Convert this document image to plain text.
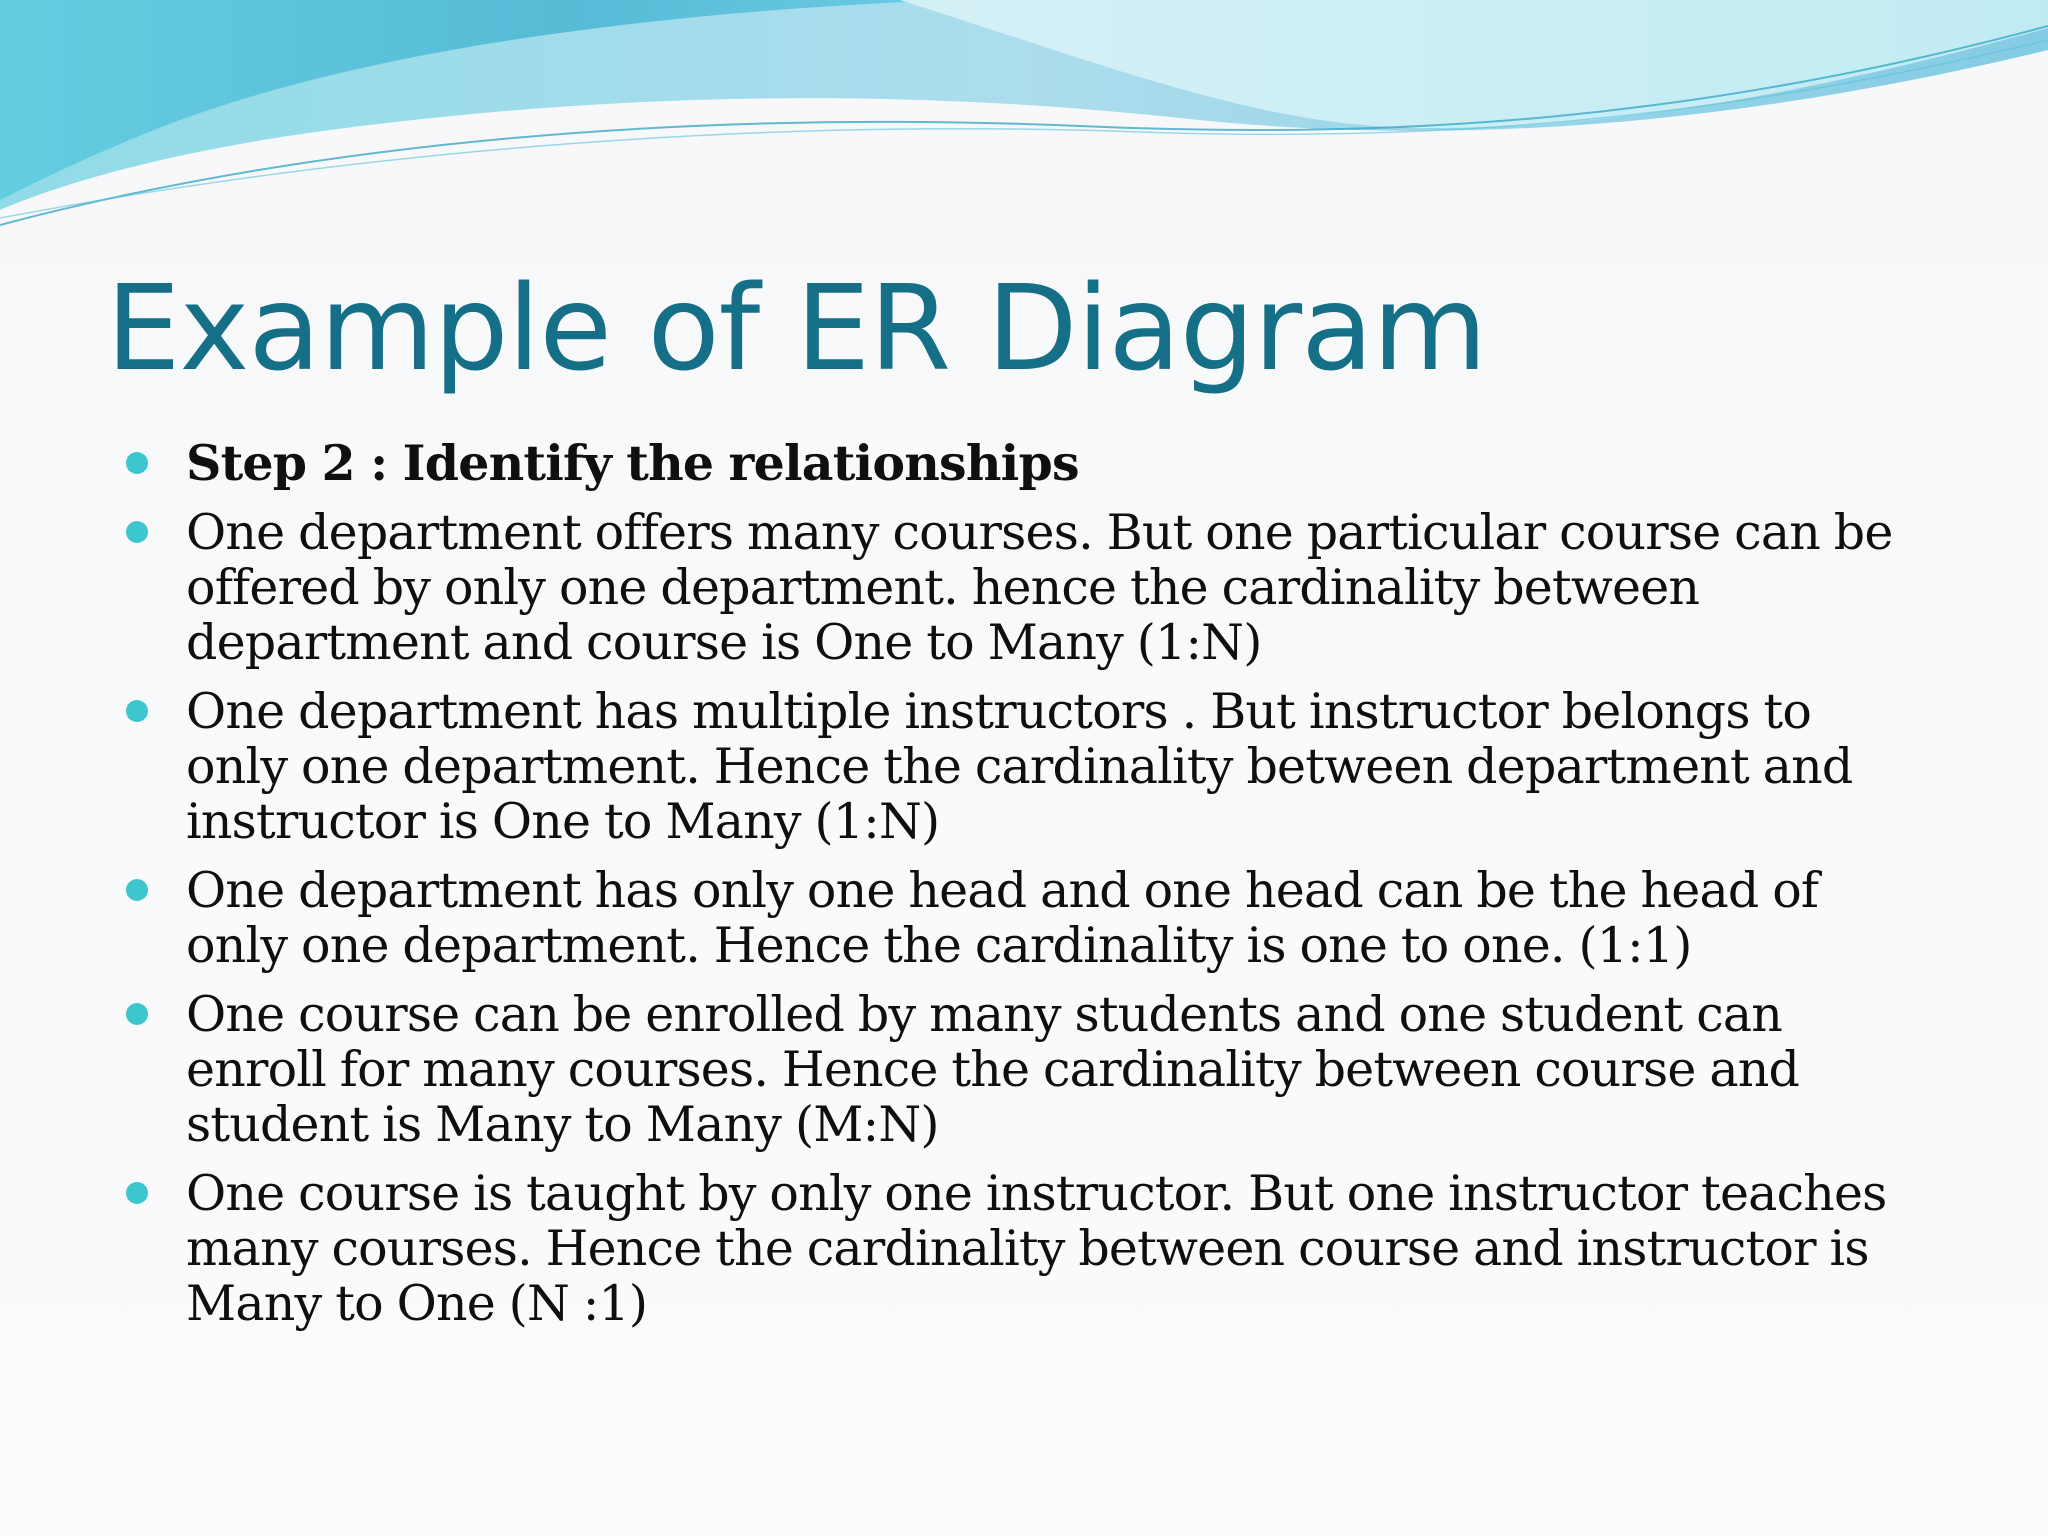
Example of ER Diagram
Step 2 : Identify the relationships
One department offers many courses. But one particular course can be offered by only one department. hence the cardinality between department and course is One to Many (1:N)
One department has multiple instructors . But instructor belongs to only one department. Hence the cardinality between department and instructor is One to Many (1:N)
One department has only one head and one head can be the head of only one department. Hence the cardinality is one to one. (1:1)
One course can be enrolled by many students and one student can enroll for many courses. Hence the cardinality between course and student is Many to Many (M:N)
One course is taught by only one instructor. But one instructor teaches many courses. Hence the cardinality between course and instructor is Many to One (N :1)
